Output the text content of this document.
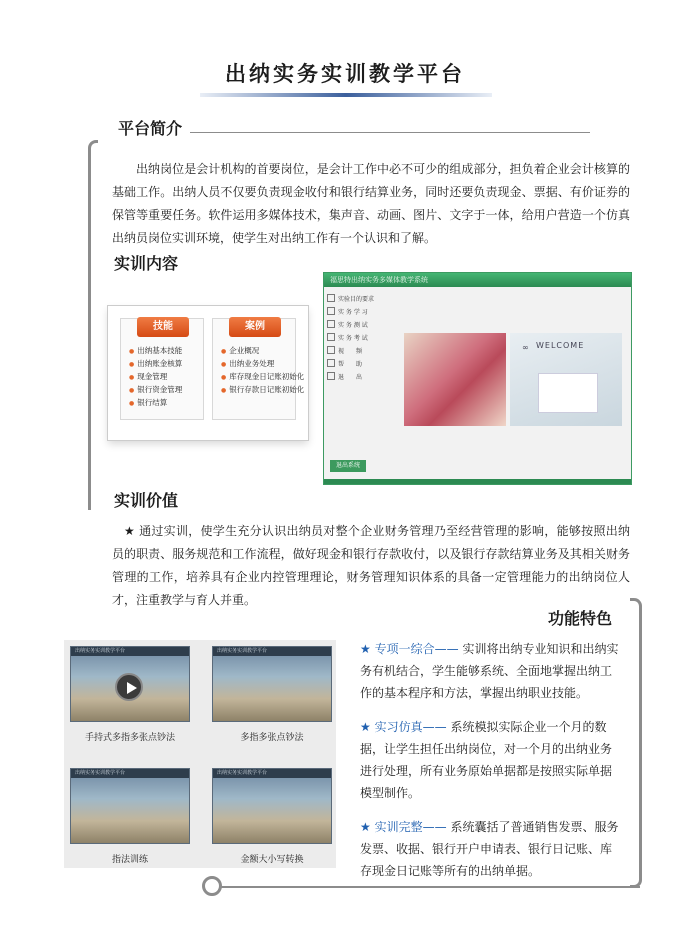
出纳实务实训教学平台
平台简介
出纳岗位是会计机构的首要岗位，是会计工作中必不可少的组成部分，担负着企业会计核算的基础工作。出纳人员不仅要负责现金收付和银行结算业务，同时还要负责现金、票据、有价证券的保管等重要任务。软件运用多媒体技术，集声音、动画、图片、文字于一体，给用户营造一个仿真出纳员岗位实训环境，使学生对出纳工作有一个认识和了解。
实训内容
技能
● 出纳基本技能
● 出纳账金核算
● 现金管理
● 银行资金管理
● 银行结算
案例
● 企业概况
● 出纳业务处理
● 库存现金日记账初始化
● 银行存款日记账初始化
福思特出纳实务多媒体教学系统
实验目的要求
实 务 学 习
实 务 测 试
实 务 考 试
视　　频
帮　　助
退　　出
∞ WELCOME
退出系统
实训价值
★ 通过实训，使学生充分认识出纳员对整个企业财务管理乃至经营管理的影响，能够按照出纳员的职责、服务规范和工作流程，做好现金和银行存款收付，以及银行存款结算业务及其相关财务管理的工作，培养具有企业内控管理理论，财务管理知识体系的具备一定管理能力的出纳岗位人才，注重教学与育人并重。
功能特色
出纳实务实训教学平台
手持式多指多张点钞法
出纳实务实训教学平台
多指多张点钞法
出纳实务实训教学平台
指法训练
出纳实务实训教学平台
金额大小写转换
★ 专项一综合—— 实训将出纳专业知识和出纳实务有机结合，学生能够系统、全面地掌握出纳工作的基本程序和方法，掌握出纳职业技能。
★ 实习仿真—— 系统模拟实际企业一个月的数据，让学生担任出纳岗位，对一个月的出纳业务进行处理，所有业务原始单据都是按照实际单据模型制作。
★ 实训完整—— 系统囊括了普通销售发票、服务发票、收据、银行开户申请表、银行日记账、库存现金日记账等所有的出纳单据。
